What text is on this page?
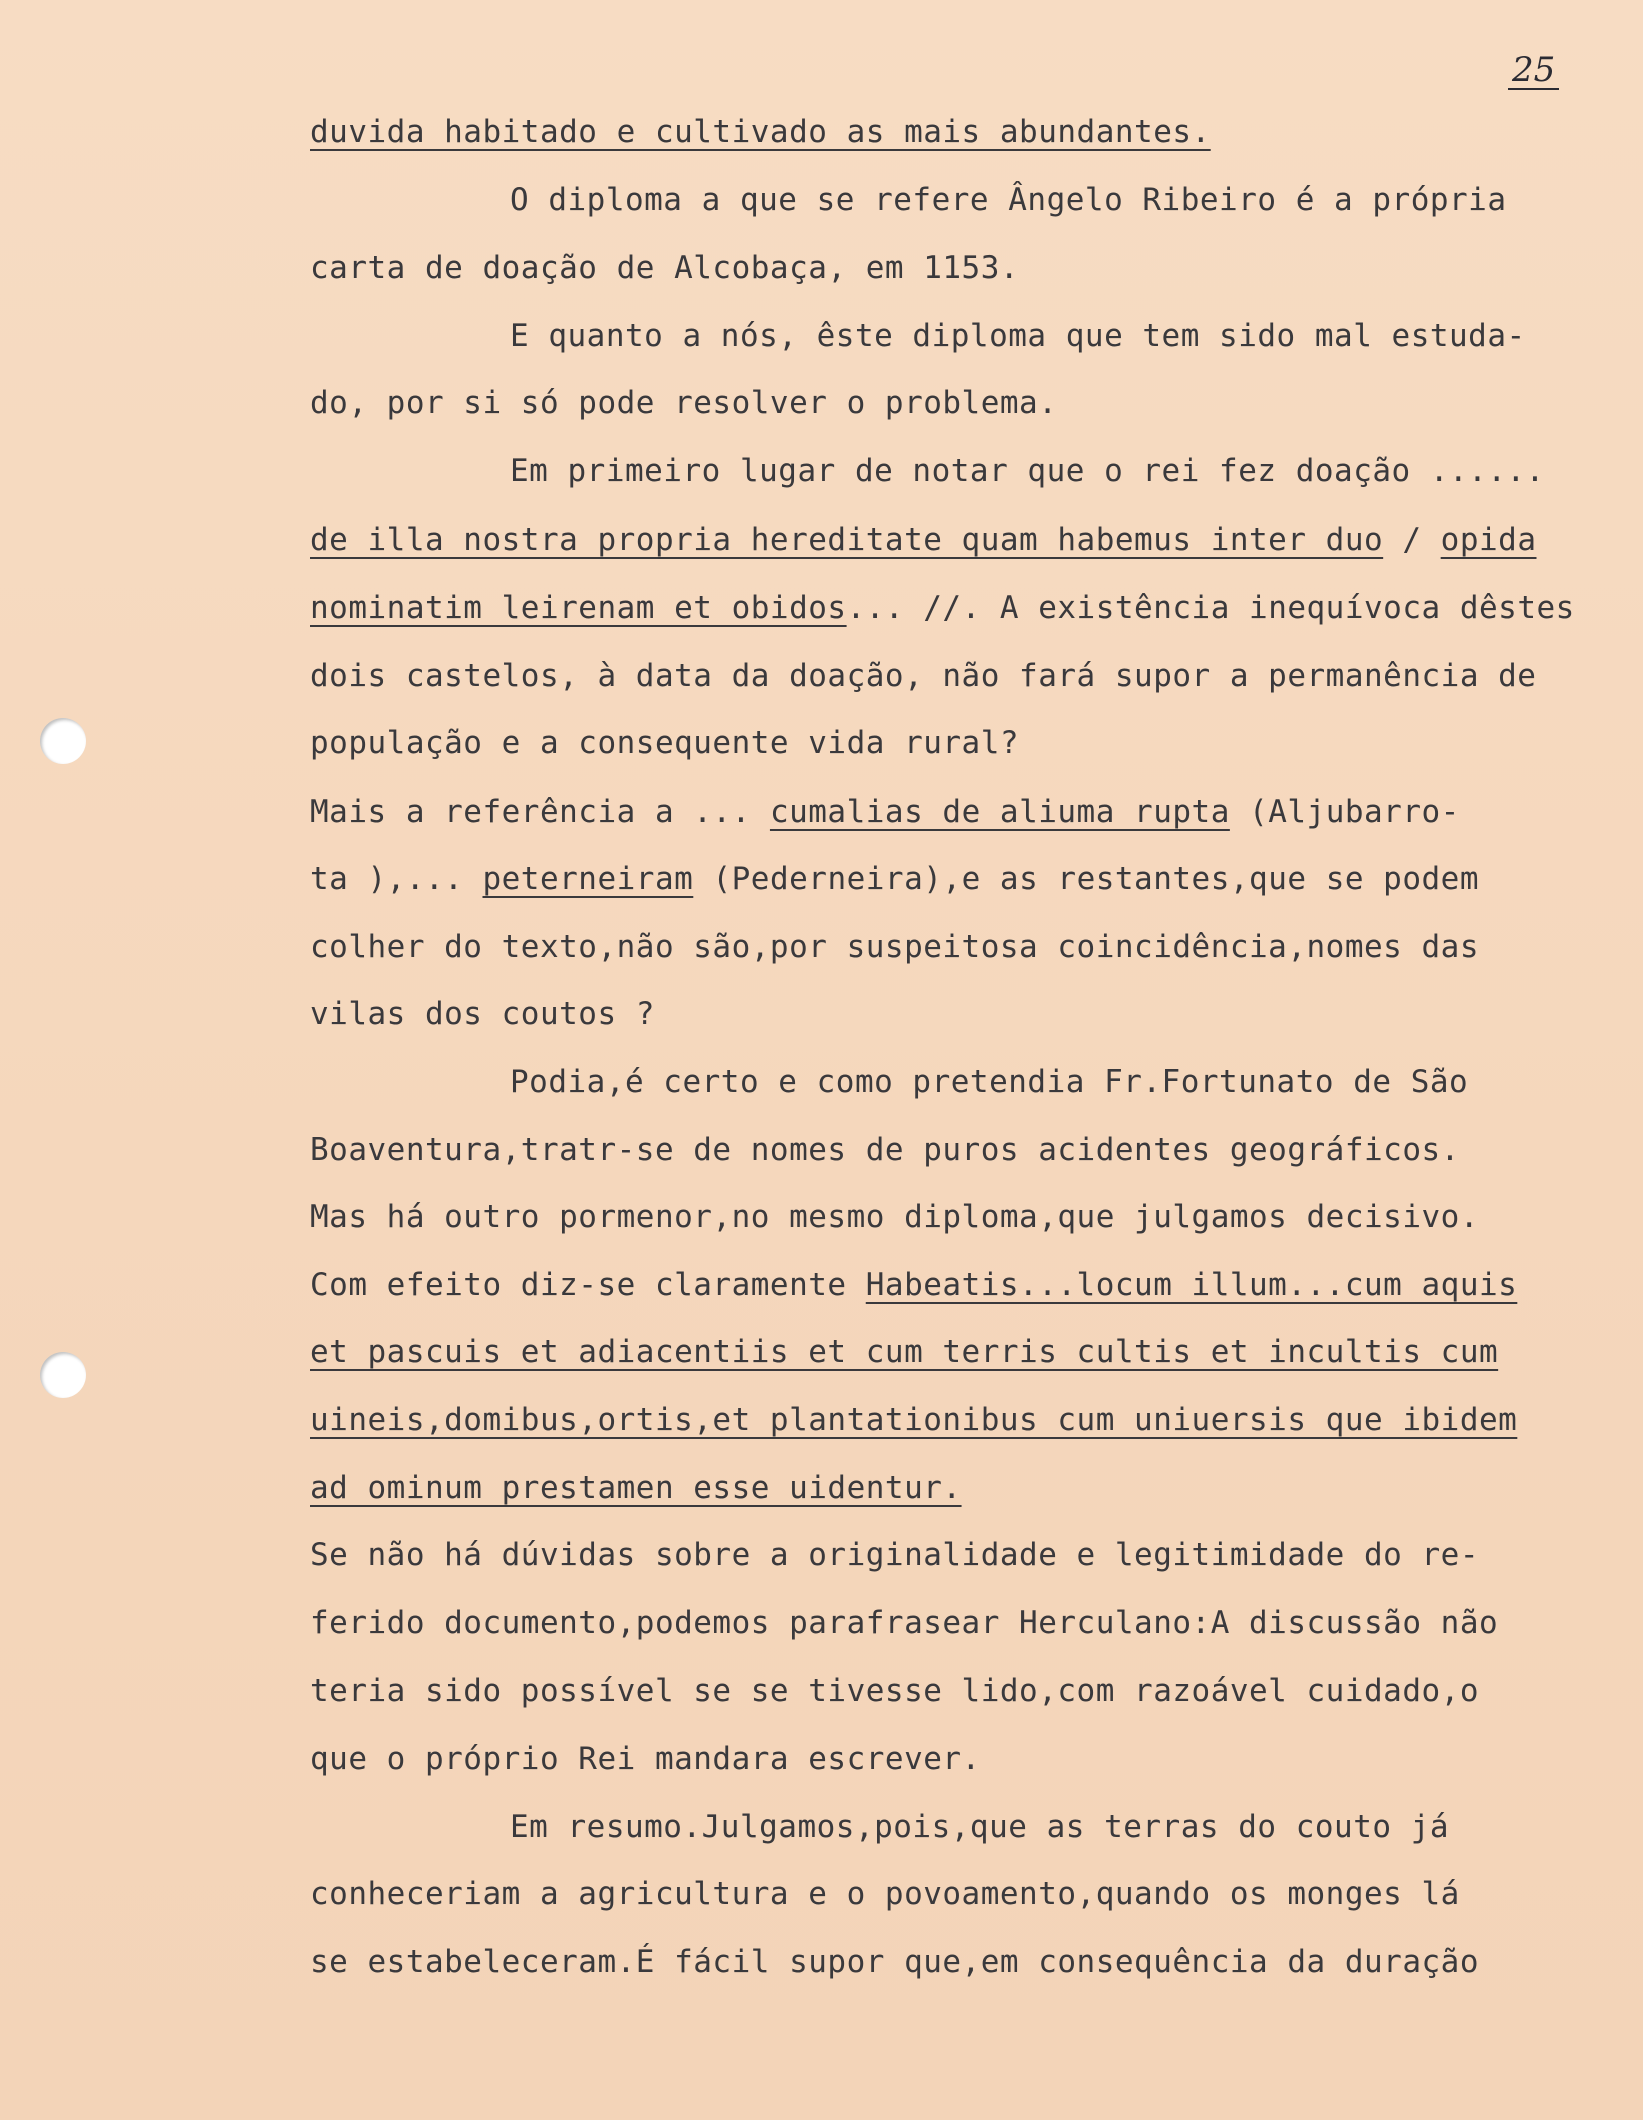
25
duvida habitado e cultivado as mais abundantes.
O diploma a que se refere Ângelo Ribeiro é a própria
carta de doação de Alcobaça, em 1153.
E quanto a nós, êste diploma que tem sido mal estuda-
do, por si só pode resolver o problema.
Em primeiro lugar de notar que o rei fez doação ......
de illa nostra propria hereditate quam habemus inter duo / opida
nominatim leirenam et obidos... //. A existência inequívoca dêstes
dois castelos, à data da doação, não fará supor a permanência de
população e a consequente vida rural?
Mais a referência a ... cumalias de aliuma rupta (Aljubarro-
ta ),... peterneiram (Pederneira),e as restantes,que se podem
colher do texto,não são,por suspeitosa coincidência,nomes das
vilas dos coutos ?
Podia,é certo e como pretendia Fr.Fortunato de São
Boaventura,tratr-se de nomes de puros acidentes geográficos.
Mas há outro pormenor,no mesmo diploma,que julgamos decisivo.
Com efeito diz-se claramente Habeatis...locum illum...cum aquis
et pascuis et adiacentiis et cum terris cultis et incultis cum
uineis,domibus,ortis,et plantationibus cum uniuersis que ibidem
ad ominum prestamen esse uidentur.
Se não há dúvidas sobre a originalidade e legitimidade do re-
ferido documento,podemos parafrasear Herculano:A discussão não
teria sido possível se se tivesse lido,com razoável cuidado,o
que o próprio Rei mandara escrever.
Em resumo.Julgamos,pois,que as terras do couto já
conheceriam a agricultura e o povoamento,quando os monges lá
se estabeleceram.É fácil supor que,em consequência da duração
